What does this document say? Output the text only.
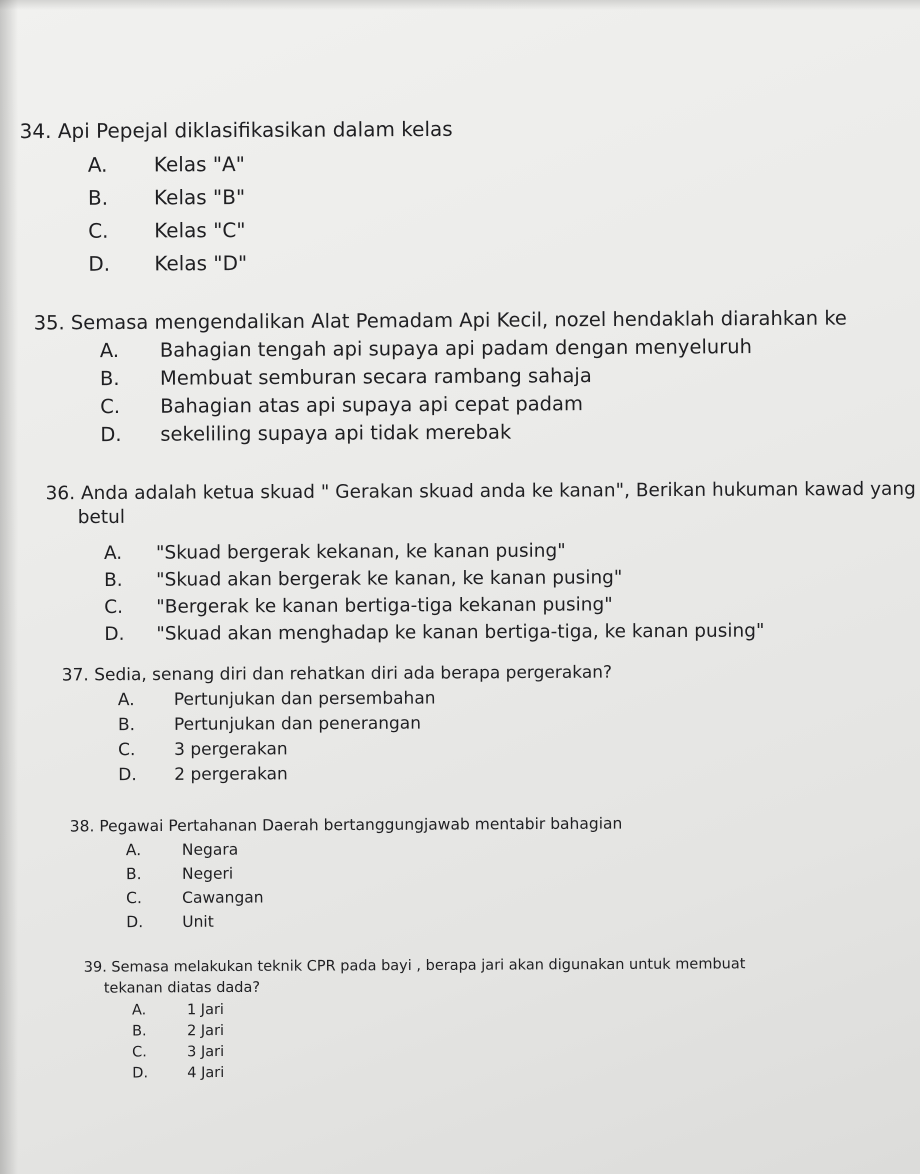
34. Api Pepejal diklasifikasikan dalam kelas
A. Kelas "A"
B. Kelas "B"
C. Kelas "C"
D. Kelas "D"
35. Semasa mengendalikan Alat Pemadam Api Kecil, nozel hendaklah diarahkan ke
A. Bahagian tengah api supaya api padam dengan menyeluruh
B. Membuat semburan secara rambang sahaja
C. Bahagian atas api supaya api cepat padam
D. sekeliling supaya api tidak merebak
36. Anda adalah ketua skuad " Gerakan skuad anda ke kanan", Berikan hukuman kawad yang
betul
A. "Skuad bergerak kekanan, ke kanan pusing"
B. "Skuad akan bergerak ke kanan, ke kanan pusing"
C. "Bergerak ke kanan bertiga-tiga kekanan pusing"
D. "Skuad akan menghadap ke kanan bertiga-tiga, ke kanan pusing"
37. Sedia, senang diri dan rehatkan diri ada berapa pergerakan?
A. Pertunjukan dan persembahan
B. Pertunjukan dan penerangan
C. 3 pergerakan
D. 2 pergerakan
38. Pegawai Pertahanan Daerah bertanggungjawab mentabir bahagian
A.	Negara
B.	Negeri
C.	Cawangan
D.	Unit
39. Semasa melakukan teknik CPR pada bayi , berapa jari akan digunakan untuk membuat
tekanan diatas dada?
A.	1 Jari
B.	2 Jari
C.	3 Jari
D.	4 Jari
